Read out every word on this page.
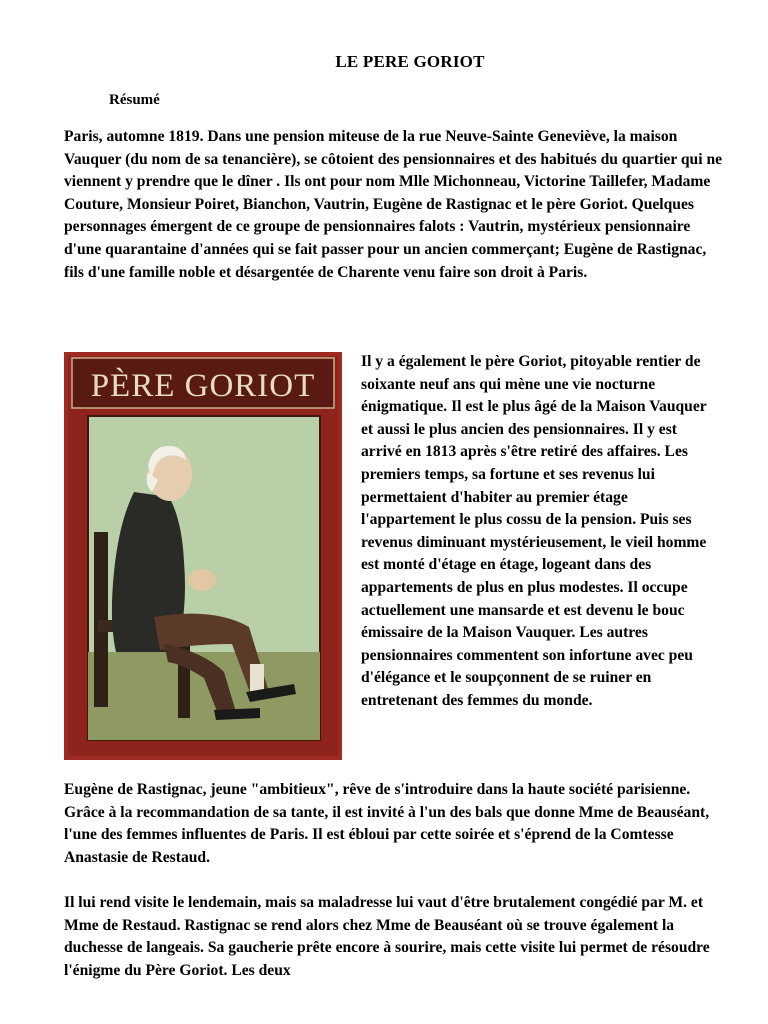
LE PERE GORIOT
Résumé

Paris, automne 1819. Dans une pension miteuse de la rue Neuve-Sainte Geneviève, la maison Vauquer (du nom de sa tenancière), se côtoient des pensionnaires et des habitués du quartier qui ne viennent y prendre que le dîner . Ils ont pour nom Mlle Michonneau, Victorine Taillefer, Madame Couture, Monsieur Poiret, Bianchon, Vautrin, Eugène de Rastignac et le père Goriot. Quelques personnages émergent de ce groupe de pensionnaires falots : Vautrin, mystérieux pensionnaire d'une quarantaine d'années qui se fait passer pour un ancien commerçant; Eugène de Rastignac, fils d'une famille noble et désargentée de Charente venu faire son droit à Paris.

PÈRE GORIOT

Il y a également le père Goriot, pitoyable rentier de soixante neuf ans qui mène une vie nocturne énigmatique. Il est le plus âgé de la Maison Vauquer et aussi le plus ancien des pensionnaires. Il y est arrivé en 1813 après s'être retiré des affaires. Les premiers temps, sa fortune et ses revenus lui permettaient d'habiter au premier étage l'appartement le plus cossu de la pension. Puis ses revenus diminuant mystérieusement, le vieil homme est monté d'étage en étage, logeant dans des appartements de plus en plus modestes. Il occupe actuellement une mansarde et est devenu le bouc émissaire de la Maison Vauquer. Les autres pensionnaires commentent son infortune avec peu d'élégance et le soupçonnent de se ruiner en entretenant des femmes du monde.

Eugène de Rastignac, jeune "ambitieux", rêve de s'introduire dans la haute société parisienne. Grâce à la recommandation de sa tante, il est invité à l'un des bals que donne Mme de Beauséant, l'une des femmes influentes de Paris. Il est ébloui par cette soirée et s'éprend de la Comtesse Anastasie de Restaud.

Il lui rend visite le lendemain, mais sa maladresse lui vaut d'être brutalement congédié par M. et Mme de Restaud. Rastignac se rend alors chez Mme de Beauséant où se trouve également la duchesse de langeais. Sa gaucherie prête encore à sourire, mais cette visite lui permet de résoudre l'énigme du Père Goriot. Les deux
